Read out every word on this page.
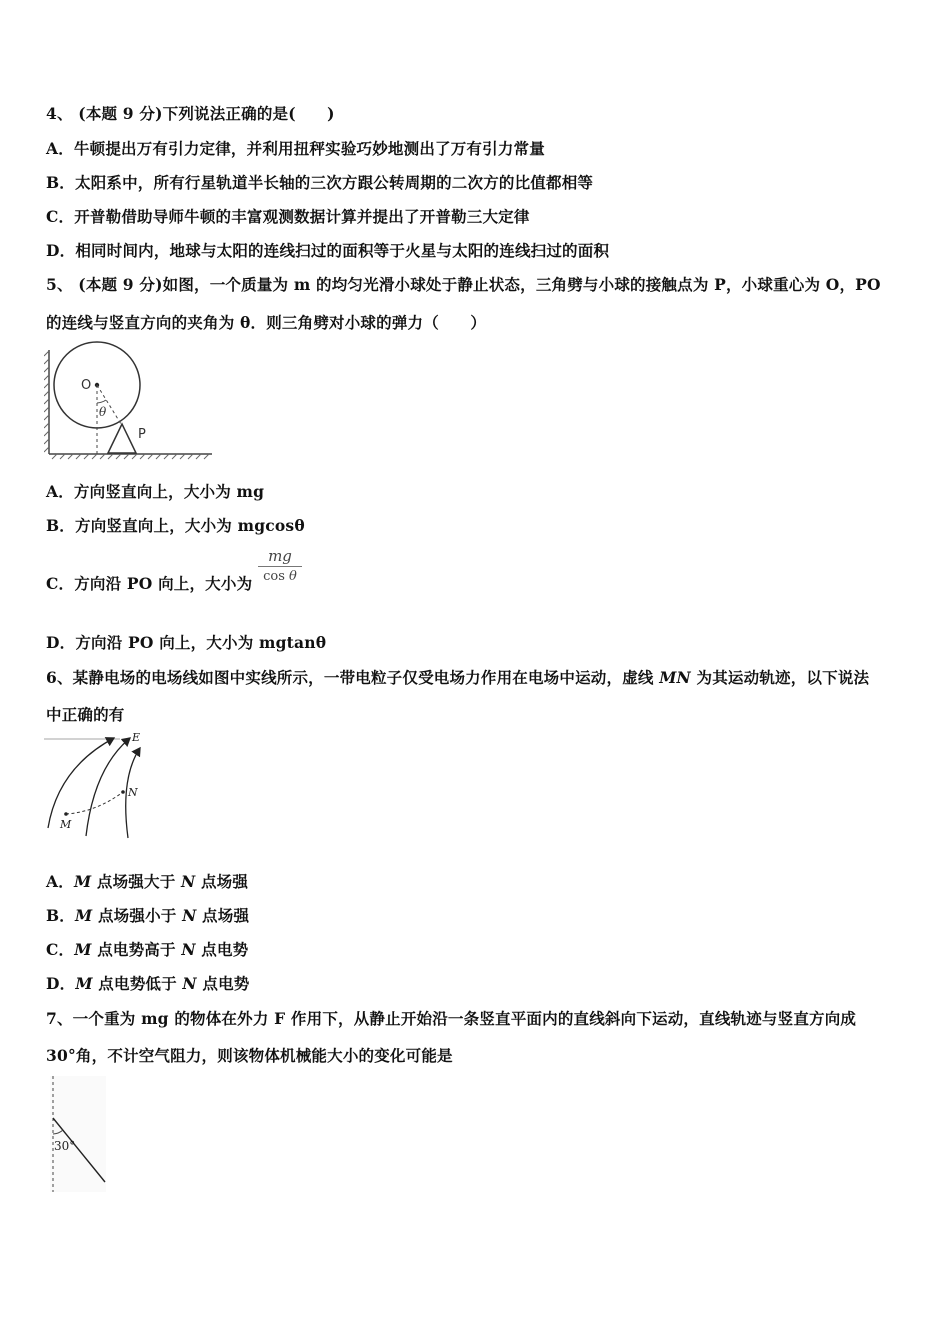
4、 (本题 9 分)下列说法正确的是(　　)
A．牛顿提出万有引力定律，并利用扭秤实验巧妙地测出了万有引力常量
B．太阳系中，所有行星轨道半长轴的三次方跟公转周期的二次方的比值都相等
C．开普勒借助导师牛顿的丰富观测数据计算并提出了开普勒三大定律
D．相同时间内，地球与太阳的连线扫过的面积等于火星与太阳的连线扫过的面积
5、 (本题 9 分)如图，一个质量为 m 的均匀光滑小球处于静止状态，三角劈与小球的接触点为 P，小球重心为 O，PO
的连线与竖直方向的夹角为 θ．则三角劈对小球的弹力（　　）
O
θ
P
A．方向竖直向上，大小为 mg
B．方向竖直向上，大小为 mgcosθ
C．方向沿 PO 向上，大小为 $\frac{mg}{\text{cos θ}}$
D．方向沿 PO 向上，大小为 mgtanθ
6、某静电场的电场线如图中实线所示，一带电粒子仅受电场力作用在电场中运动，虚线 MN 为其运动轨迹，以下说法
中正确的有
E
N
M
A．M 点场强大于 N 点场强
B．M 点场强小于 N 点场强
C．M 点电势高于 N 点电势
D．M 点电势低于 N 点电势
7、一个重为 mg 的物体在外力 F 作用下，从静止开始沿一条竖直平面内的直线斜向下运动，直线轨迹与竖直方向成
30°角，不计空气阻力，则该物体机械能大小的变化可能是
30°
